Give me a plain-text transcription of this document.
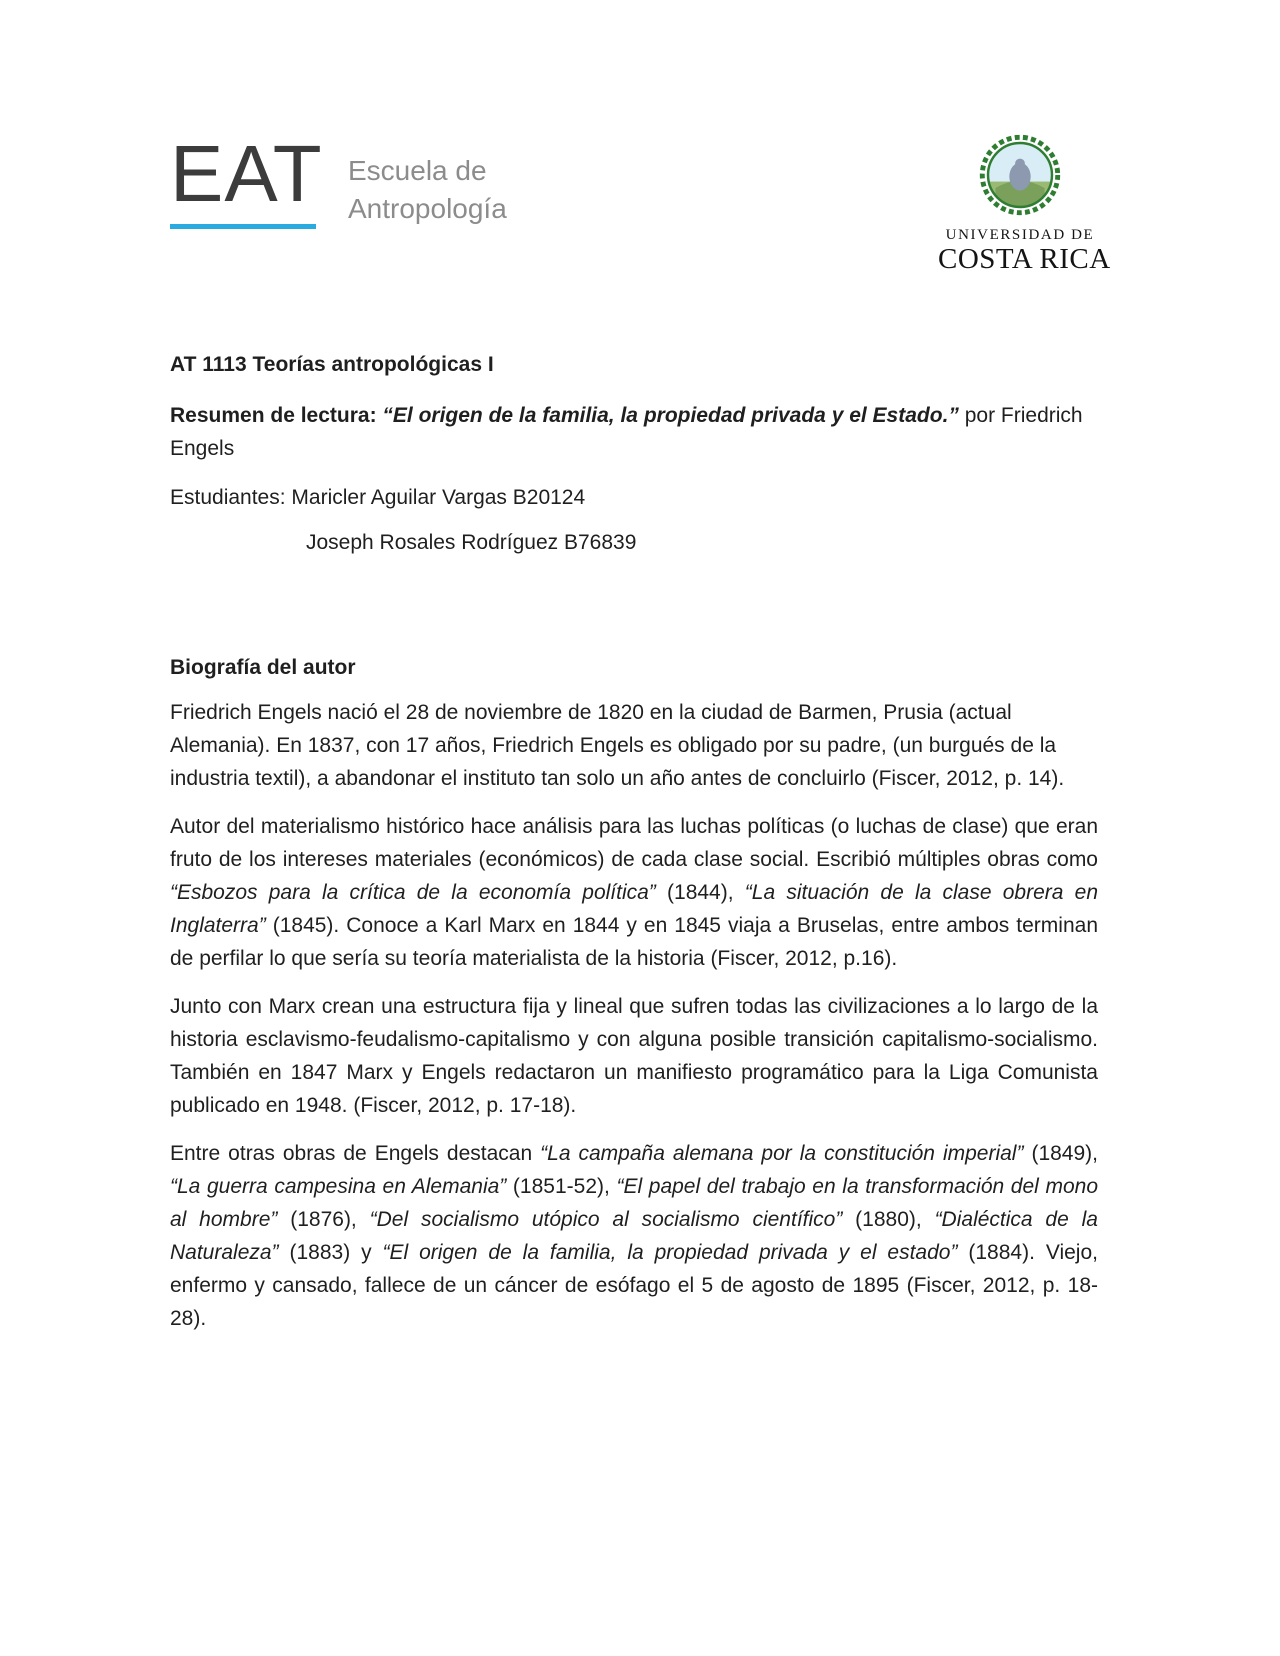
EAT Escuela de
Antropología
UNIVERSIDAD DE
COSTA RICA
AT 1113 Teorías antropológicas I
Resumen de lectura: “El origen de la familia, la propiedad privada y el Estado.” por Friedrich Engels
Estudiantes: Maricler Aguilar Vargas B20124
Joseph Rosales Rodríguez B76839
Biografía del autor

Friedrich Engels nació el 28 de noviembre de 1820 en la ciudad de Barmen, Prusia (actual Alemania). En 1837, con 17 años, Friedrich Engels es obligado por su padre, (un burgués de la industria textil), a abandonar el instituto tan solo un año antes de concluirlo (Fiscer, 2012, p. 14).

Autor del materialismo histórico hace análisis para las luchas políticas (o luchas de clase) que eran fruto de los intereses materiales (económicos) de cada clase social. Escribió múltiples obras como “Esbozos para la crítica de la economía política” (1844), “La situación de la clase obrera en Inglaterra” (1845). Conoce a Karl Marx en 1844 y en 1845 viaja a Bruselas, entre ambos terminan de perfilar lo que sería su teoría materialista de la historia (Fiscer, 2012, p.16).

Junto con Marx crean una estructura fija y lineal que sufren todas las civilizaciones a lo largo de la historia esclavismo-feudalismo-capitalismo y con alguna posible transición capitalismo-socialismo. También en 1847 Marx y Engels redactaron un manifiesto programático para la Liga Comunista publicado en 1948. (Fiscer, 2012, p. 17-18).

Entre otras obras de Engels destacan “La campaña alemana por la constitución imperial” (1849), “La guerra campesina en Alemania” (1851-52), “El papel del trabajo en la transformación del mono al hombre” (1876), “Del socialismo utópico al socialismo científico” (1880), “Dialéctica de la Naturaleza” (1883) y “El origen de la familia, la propiedad privada y el estado” (1884). Viejo, enfermo y cansado, fallece de un cáncer de esófago el 5 de agosto de 1895 (Fiscer, 2012, p. 18-28).
